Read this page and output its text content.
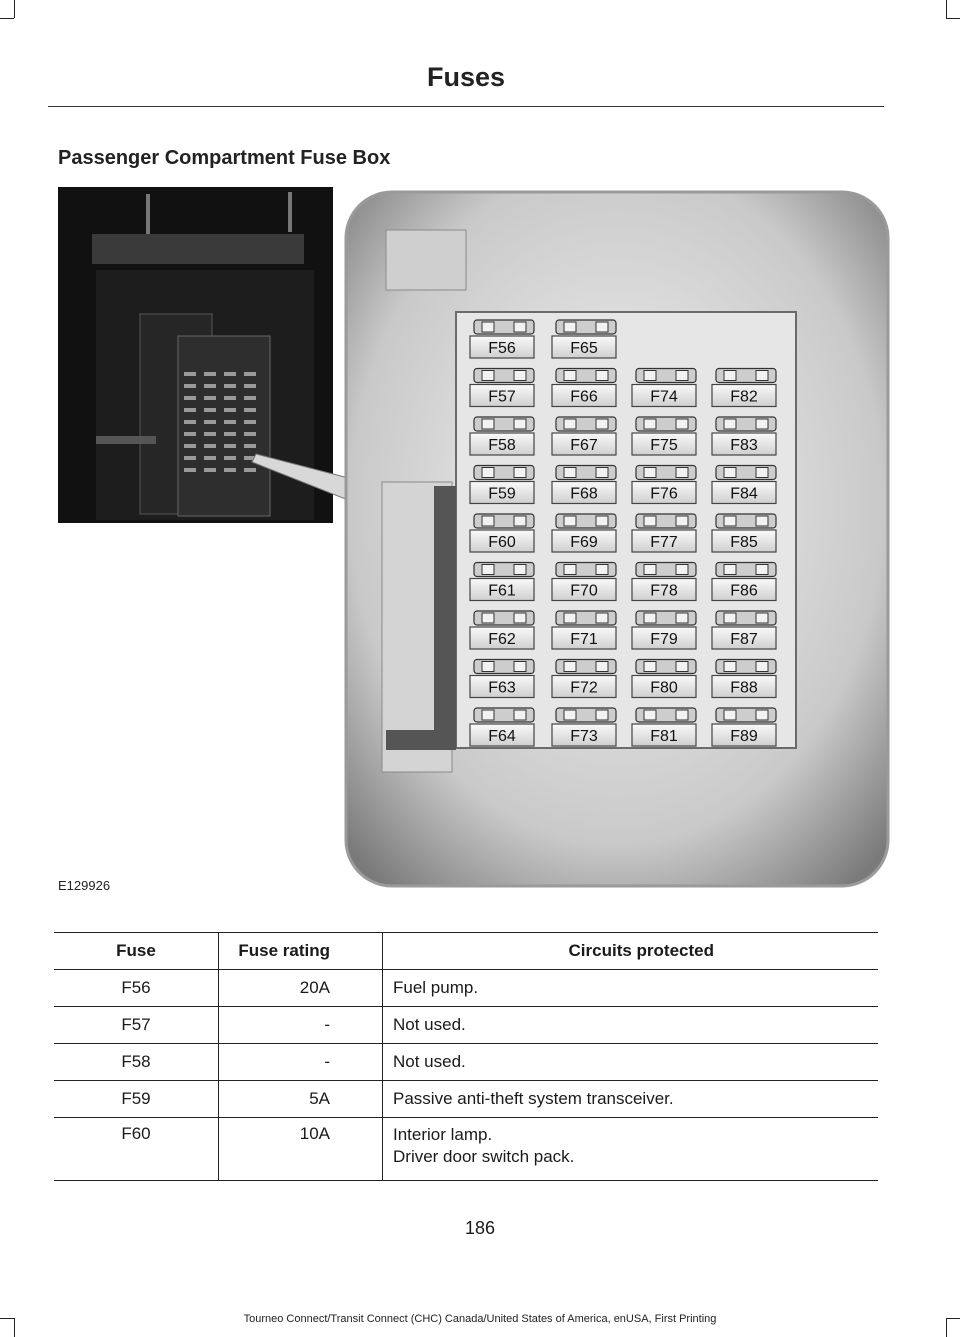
Fuses
Passenger Compartment Fuse Box
F56
F57
F58
F59
F60
F61
F62
F63
F64
F65
F66
F67
F68
F69
F70
F71
F72
F73
F74
F75
F76
F77
F78
F79
F80
F81
F82
F83
F84
F85
F86
F87
F88
F89
E129926
Fuse	Fuse rating	Circuits protected
F56	20A	Fuel pump.
F57	-	Not used.
F58	-	Not used.
F59	5A	Passive anti-theft system transceiver.
F60	10A	Interior lamp.
Driver door switch pack.
186
Tourneo Connect/Transit Connect (CHC) Canada/United States of America, enUSA, First Printing
